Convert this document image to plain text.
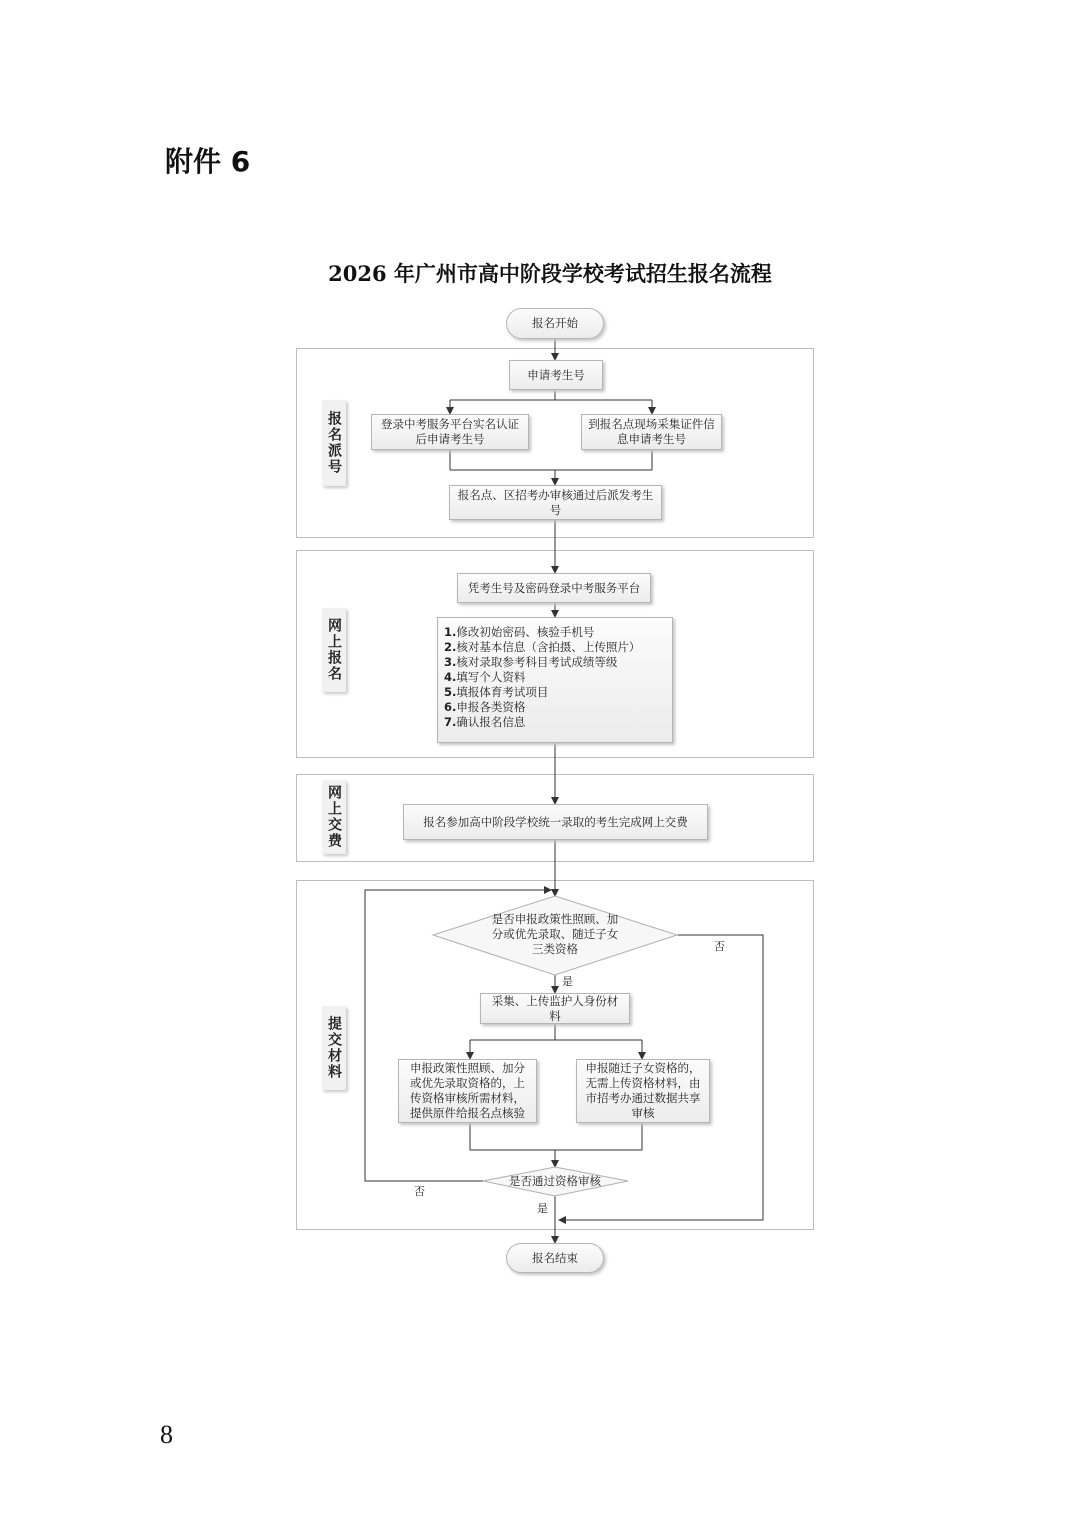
附件 6
2026 年广州市高中阶段学校考试招生报名流程
报名开始
报名派号
申请考生号
登录中考服务平台实名认证后申请考生号
到报名点现场采集证件信息申请考生号
报名点、区招考办审核通过后派发考生号
网上报名
凭考生号及密码登录中考服务平台
1.修改初始密码、核验手机号
2.核对基本信息（含拍摄、上传照片）
3.核对录取参考科目考试成绩等级
4.填写个人资料
5.填报体育考试项目
6.申报各类资格
7.确认报名信息
网上交费	报名参加高中阶段学校统一录取的考生完成网上交费
提交材料
是否申报政策性照顾、加分或优先录取、随迁子女三类资格	否
是
采集、上传监护人身份材料
申报政策性照顾、加分或优先录取资格的，上传资格审核所需材料，提供原件给报名点核验
申报随迁子女资格的，无需上传资格材料，由市招考办通过数据共享审核
是否通过资格审核
否
是
报名结束
8
